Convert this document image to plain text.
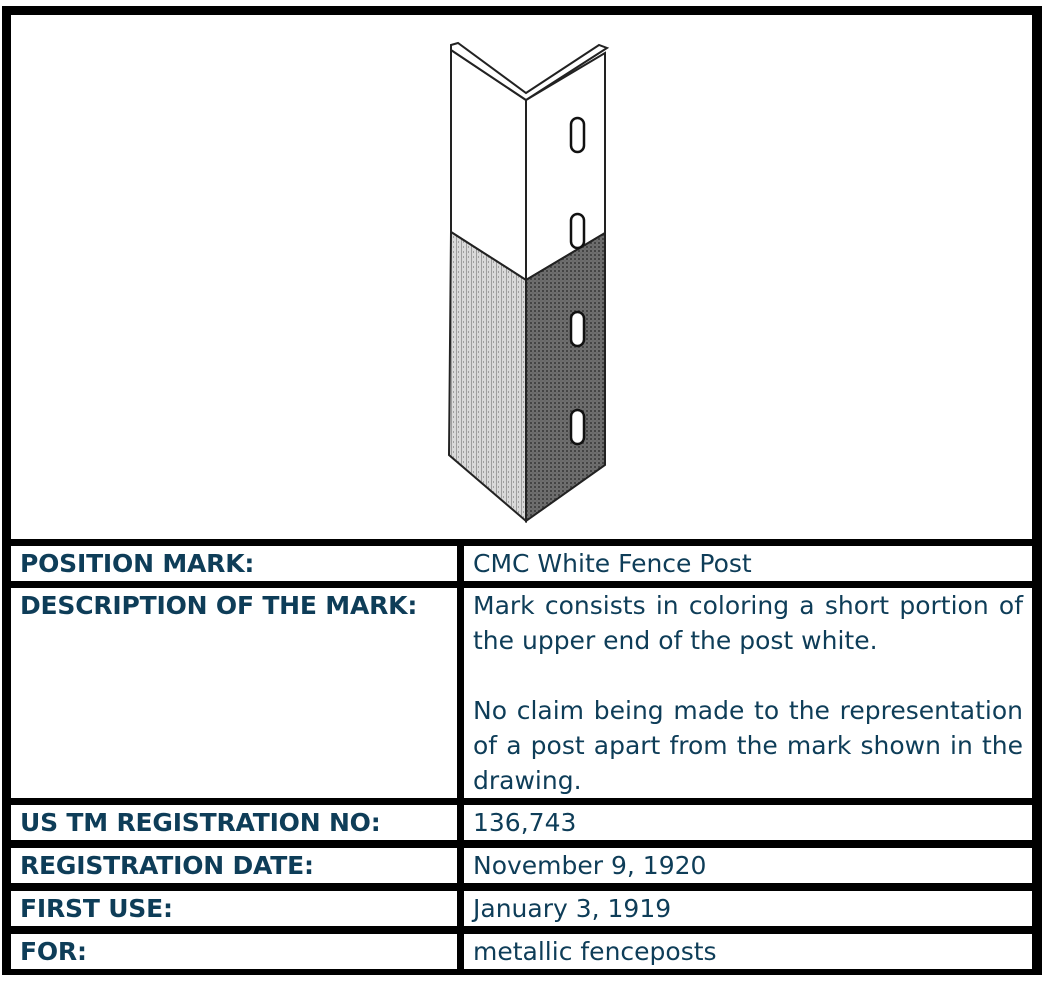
POSITION MARK:	CMC White Fence Post

DESCRIPTION OF THE MARK:	Mark consists in coloring a short portion of the upper end of the post white.

No claim being made to the representation of a post apart from the mark shown in the drawing.

US TM REGISTRATION NO:	136,743

REGISTRATION DATE:	November 9, 1920

FIRST USE:	January 3, 1919

FOR:	metallic fenceposts
